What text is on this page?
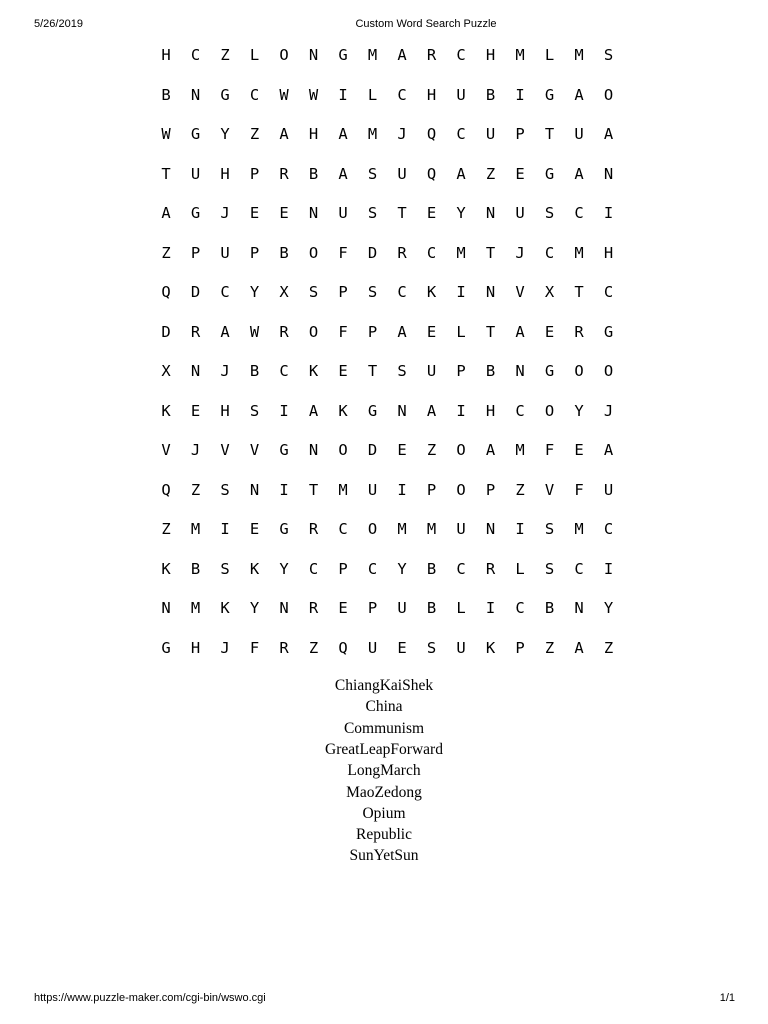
5/26/2019	Custom Word Search Puzzle
H	C	Z	L	O	N	G	M	A	R	C	H	M	L	M	S
B	N	G	C	W	W	I	L	C	H	U	B	I	G	A	O
W	G	Y	Z	A	H	A	M	J	Q	C	U	P	T	U	A
T	U	H	P	R	B	A	S	U	Q	A	Z	E	G	A	N
A	G	J	E	E	N	U	S	T	E	Y	N	U	S	C	I
Z	P	U	P	B	O	F	D	R	C	M	T	J	C	M	H
Q	D	C	Y	X	S	P	S	C	K	I	N	V	X	T	C
D	R	A	W	R	O	F	P	A	E	L	T	A	E	R	G
X	N	J	B	C	K	E	T	S	U	P	B	N	G	O	O
K	E	H	S	I	A	K	G	N	A	I	H	C	O	Y	J
V	J	V	V	G	N	O	D	E	Z	O	A	M	F	E	A
Q	Z	S	N	I	T	M	U	I	P	O	P	Z	V	F	U
Z	M	I	E	G	R	C	O	M	M	U	N	I	S	M	C
K	B	S	K	Y	C	P	C	Y	B	C	R	L	S	C	I
N	M	K	Y	N	R	E	P	U	B	L	I	C	B	N	Y
G	H	J	F	R	Z	Q	U	E	S	U	K	P	Z	A	Z
ChiangKaiShek
China
Communism
GreatLeapForward
LongMarch
MaoZedong
Opium
Republic
SunYetSun
https://www.puzzle-maker.com/cgi-bin/wswo.cgi	1/1
